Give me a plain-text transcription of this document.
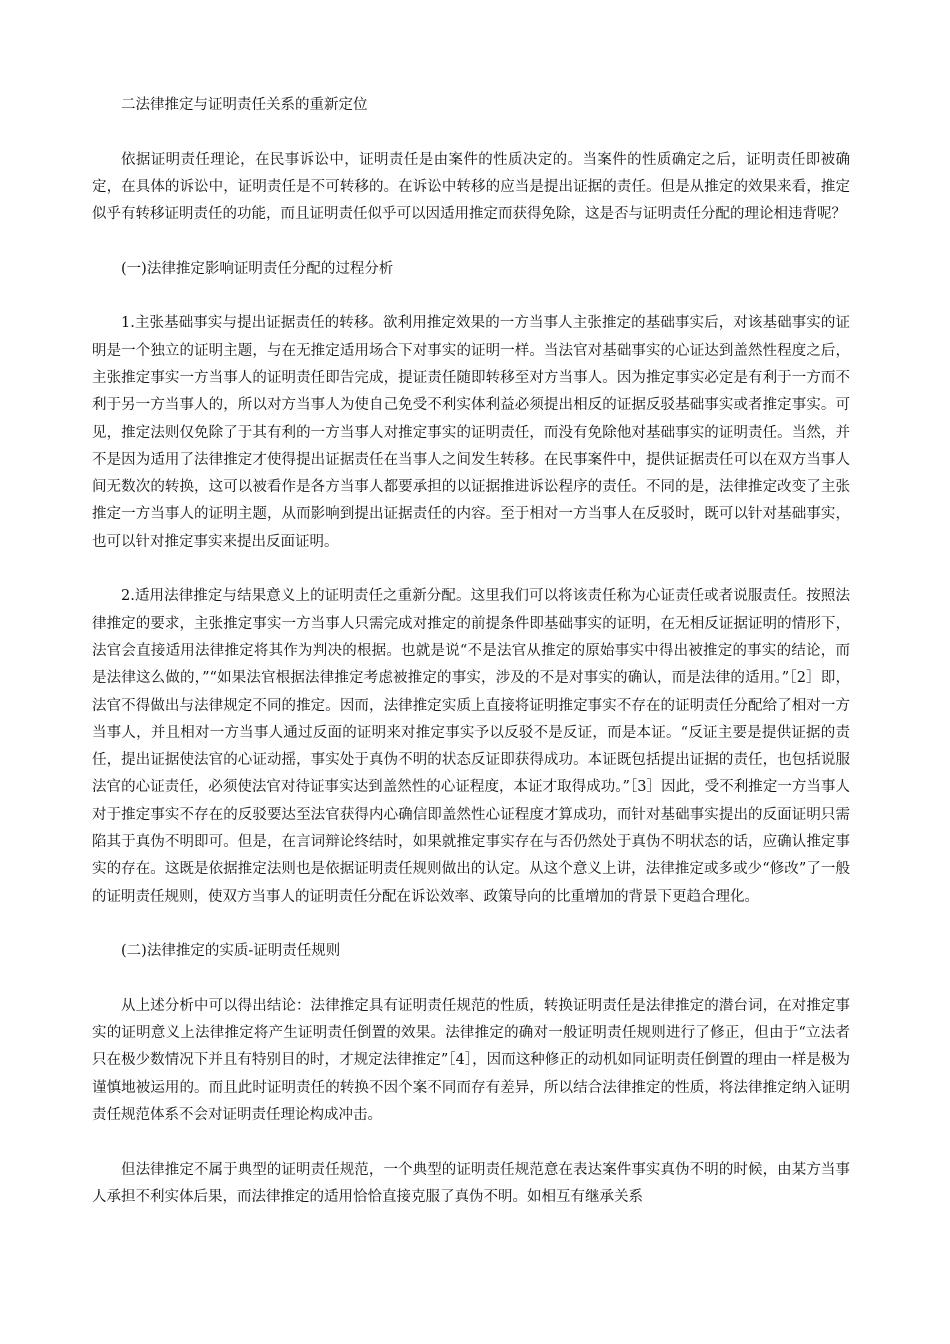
二法律推定与证明责任关系的重新定位

依据证明责任理论，在民事诉讼中，证明责任是由案件的性质决定的。当案件的性质确定之后，证明责任即被确定，在具体的诉讼中，证明责任是不可转移的。在诉讼中转移的应当是提出证据的责任。但是从推定的效果来看，推定似乎有转移证明责任的功能，而且证明责任似乎可以因适用推定而获得免除，这是否与证明责任分配的理论相违背呢？

(一)法律推定影响证明责任分配的过程分析

1.主张基础事实与提出证据责任的转移。欲利用推定效果的一方当事人主张推定的基础事实后，对该基础事实的证明是一个独立的证明主题，与在无推定适用场合下对事实的证明一样。当法官对基础事实的心证达到盖然性程度之后，主张推定事实一方当事人的证明责任即告完成，提证责任随即转移至对方当事人。因为推定事实必定是有利于一方而不利于另一方当事人的，所以对方当事人为使自己免受不利实体利益必须提出相反的证据反驳基础事实或者推定事实。可见，推定法则仅免除了于其有利的一方当事人对推定事实的证明责任，而没有免除他对基础事实的证明责任。当然，并不是因为适用了法律推定才使得提出证据责任在当事人之间发生转移。在民事案件中，提供证据责任可以在双方当事人间无数次的转换，这可以被看作是各方当事人都要承担的以证据推进诉讼程序的责任。不同的是，法律推定改变了主张推定一方当事人的证明主题，从而影响到提出证据责任的内容。至于相对一方当事人在反驳时，既可以针对基础事实，也可以针对推定事实来提出反面证明。

2.适用法律推定与结果意义上的证明责任之重新分配。这里我们可以将该责任称为心证责任或者说服责任。按照法律推定的要求，主张推定事实一方当事人只需完成对推定的前提条件即基础事实的证明，在无相反证据证明的情形下，法官会直接适用法律推定将其作为判决的根据。也就是说“不是法官从推定的原始事实中得出被推定的事实的结论，而是法律这么做的，”“如果法官根据法律推定考虑被推定的事实，涉及的不是对事实的确认，而是法律的适用。”［2］即，法官不得做出与法律规定不同的推定。因而，法律推定实质上直接将证明推定事实不存在的证明责任分配给了相对一方当事人，并且相对一方当事人通过反面的证明来对推定事实予以反驳不是反证，而是本证。“反证主要是提供证据的责任，提出证据使法官的心证动摇，事实处于真伪不明的状态反证即获得成功。本证既包括提出证据的责任，也包括说服法官的心证责任，必须使法官对待证事实达到盖然性的心证程度，本证才取得成功。”［3］因此，受不利推定一方当事人对于推定事实不存在的反驳要达至法官获得内心确信即盖然性心证程度才算成功，而针对基础事实提出的反面证明只需陷其于真伪不明即可。但是，在言词辩论终结时，如果就推定事实存在与否仍然处于真伪不明状态的话，应确认推定事实的存在。这既是依据推定法则也是依据证明责任规则做出的认定。从这个意义上讲，法律推定或多或少“修改”了一般的证明责任规则，使双方当事人的证明责任分配在诉讼效率、政策导向的比重增加的背景下更趋合理化。

(二)法律推定的实质-证明责任规则

从上述分析中可以得出结论：法律推定具有证明责任规范的性质，转换证明责任是法律推定的潜台词，在对推定事实的证明意义上法律推定将产生证明责任倒置的效果。法律推定的确对一般证明责任规则进行了修正，但由于“立法者只在极少数情况下并且有特别目的时，才规定法律推定”［4］，因而这种修正的动机如同证明责任倒置的理由一样是极为谨慎地被运用的。而且此时证明责任的转换不因个案不同而存有差异，所以结合法律推定的性质，将法律推定纳入证明责任规范体系不会对证明责任理论构成冲击。

但法律推定不属于典型的证明责任规范，一个典型的证明责任规范意在表达案件事实真伪不明的时候，由某方当事人承担不利实体后果，而法律推定的适用恰恰直接克服了真伪不明。如相互有继承关系
